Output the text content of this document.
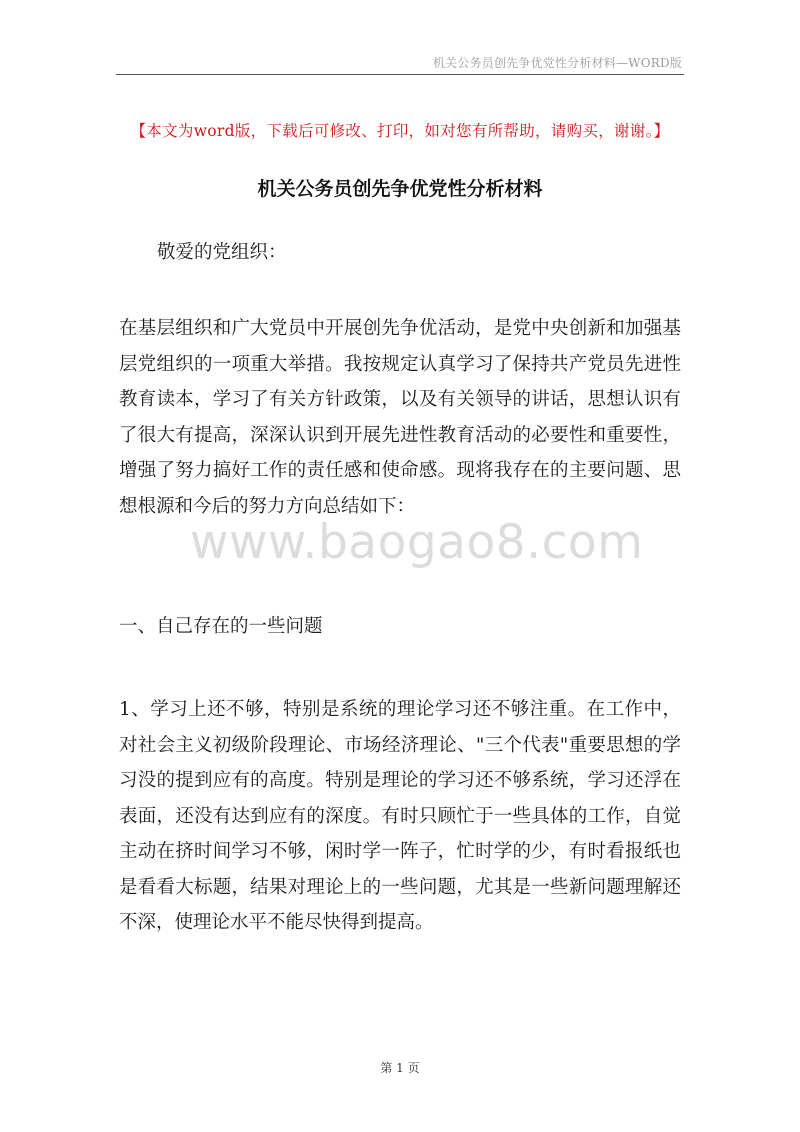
机关公务员创先争优党性分析材料—WORD版
【本文为word版，下载后可修改、打印，如对您有所帮助，请购买，谢谢。】
机关公务员创先争优党性分析材料
敬爱的党组织：
在基层组织和广大党员中开展创先争优活动，是党中央创新和加强基层党组织的一项重大举措。我按规定认真学习了保持共产党员先进性教育读本，学习了有关方针政策，以及有关领导的讲话，思想认识有了很大有提高，深深认识到开展先进性教育活动的必要性和重要性，增强了努力搞好工作的责任感和使命感。现将我存在的主要问题、思想根源和今后的努力方向总结如下：
www.baogao8.com
一、自己存在的一些问题
1、学习上还不够，特别是系统的理论学习还不够注重。在工作中，对社会主义初级阶段理论、市场经济理论、"三个代表"重要思想的学习没的提到应有的高度。特别是理论的学习还不够系统，学习还浮在表面，还没有达到应有的深度。有时只顾忙于一些具体的工作，自觉主动在挤时间学习不够，闲时学一阵子，忙时学的少，有时看报纸也是看看大标题，结果对理论上的一些问题，尤其是一些新问题理解还不深，使理论水平不能尽快得到提高。
第 1 页
